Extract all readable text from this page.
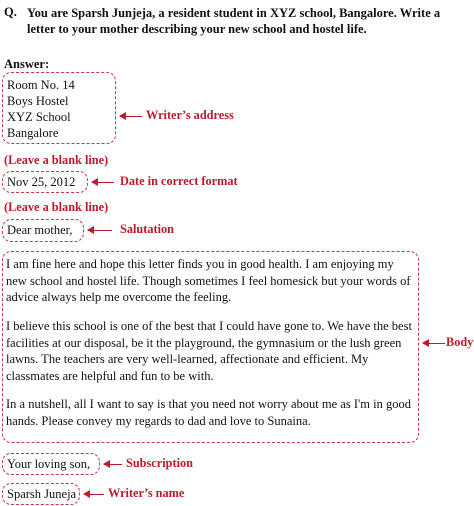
Q. You are Sparsh Junjeja, a resident student in XYZ school, Bangalore. Write a letter to your mother describing your new school and hostel life.
Answer:
Room No. 14
Boys Hostel
XYZ School
Bangalore
Writer’s address
(Leave a blank line)
Nov 25, 2012	Date in correct format
(Leave a blank line)
Dear mother,	Salutation
I am fine here and hope this letter finds you in good health. I am enjoying my new school and hostel life. Though sometimes I feel homesick but your words of advice always help me overcome the feeling.
I believe this school is one of the best that I could have gone to. We have the best facilities at our disposal, be it the playground, the gymnasium or the lush green lawns. The teachers are very well-learned, affectionate and efficient. My classmates are helpful and fun to be with.
In a nutshell, all I want to say is that you need not worry about me as I'm in good hands. Please convey my regards to dad and love to Sunaina.
Body
Your loving son,	Subscription
Sparsh Juneja	Writer’s name
